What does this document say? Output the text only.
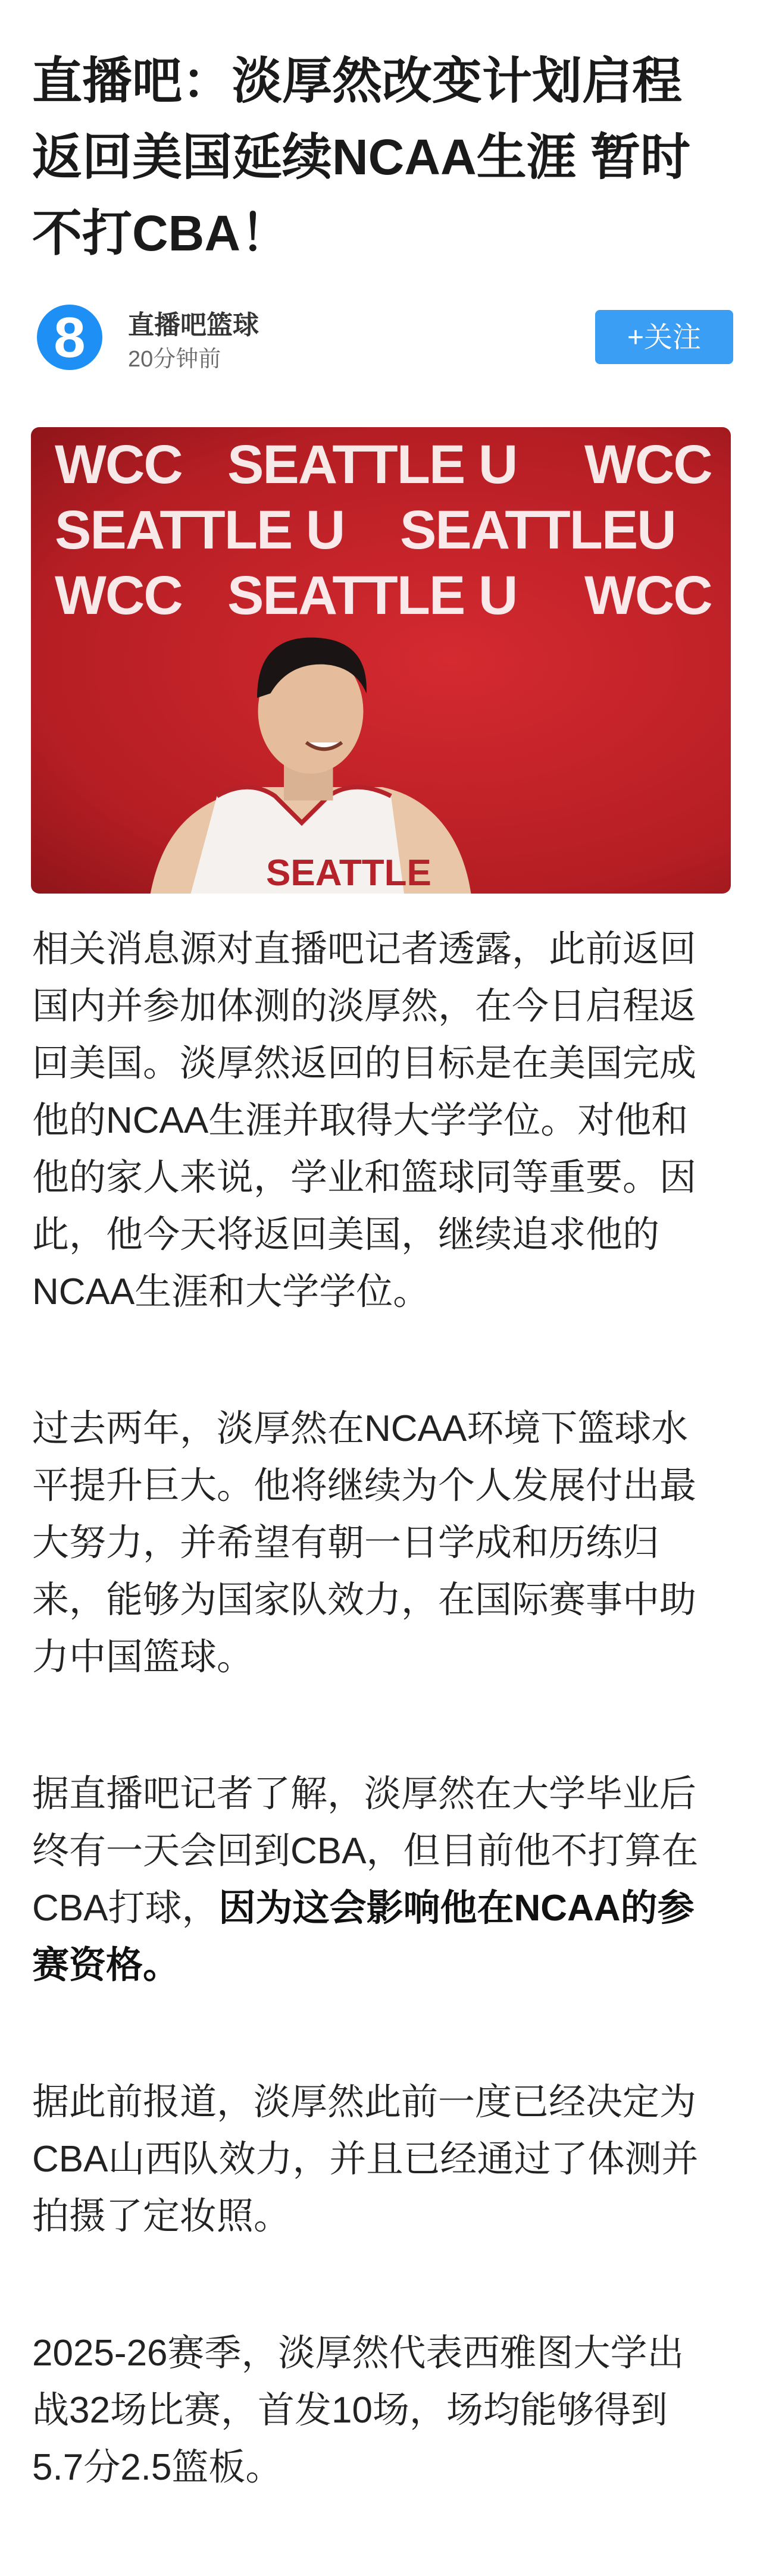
直播吧：淡厚然改变计划启程
返回美国延续NCAA生涯 暂时
不打CBA！
8	直播吧篮球
20分钟前
+关注
SEATTLE
WCC SEATTLE U WCC
SEATTLE U SEATTLEU
WCC SEATTLE U WCC
相关消息源对直播吧记者透露，此前返回
国内并参加体测的淡厚然，在今日启程返
回美国。淡厚然返回的目标是在美国完成
他的NCAA生涯并取得大学学位。对他和
他的家人来说，学业和篮球同等重要。因
此，他今天将返回美国，继续追求他的
NCAA生涯和大学学位。
过去两年，淡厚然在NCAA环境下篮球水
平提升巨大。他将继续为个人发展付出最
大努力，并希望有朝一日学成和历练归
来，能够为国家队效力，在国际赛事中助
力中国篮球。
据直播吧记者了解，淡厚然在大学毕业后
终有一天会回到CBA，但目前他不打算在
CBA打球，因为这会影响他在NCAA的参
赛资格。
据此前报道，淡厚然此前一度已经决定为
CBA山西队效力，并且已经通过了体测并
拍摄了定妆照。
2025-26赛季，淡厚然代表西雅图大学出
战32场比赛，首发10场，场均能够得到
5.7分2.5篮板。
